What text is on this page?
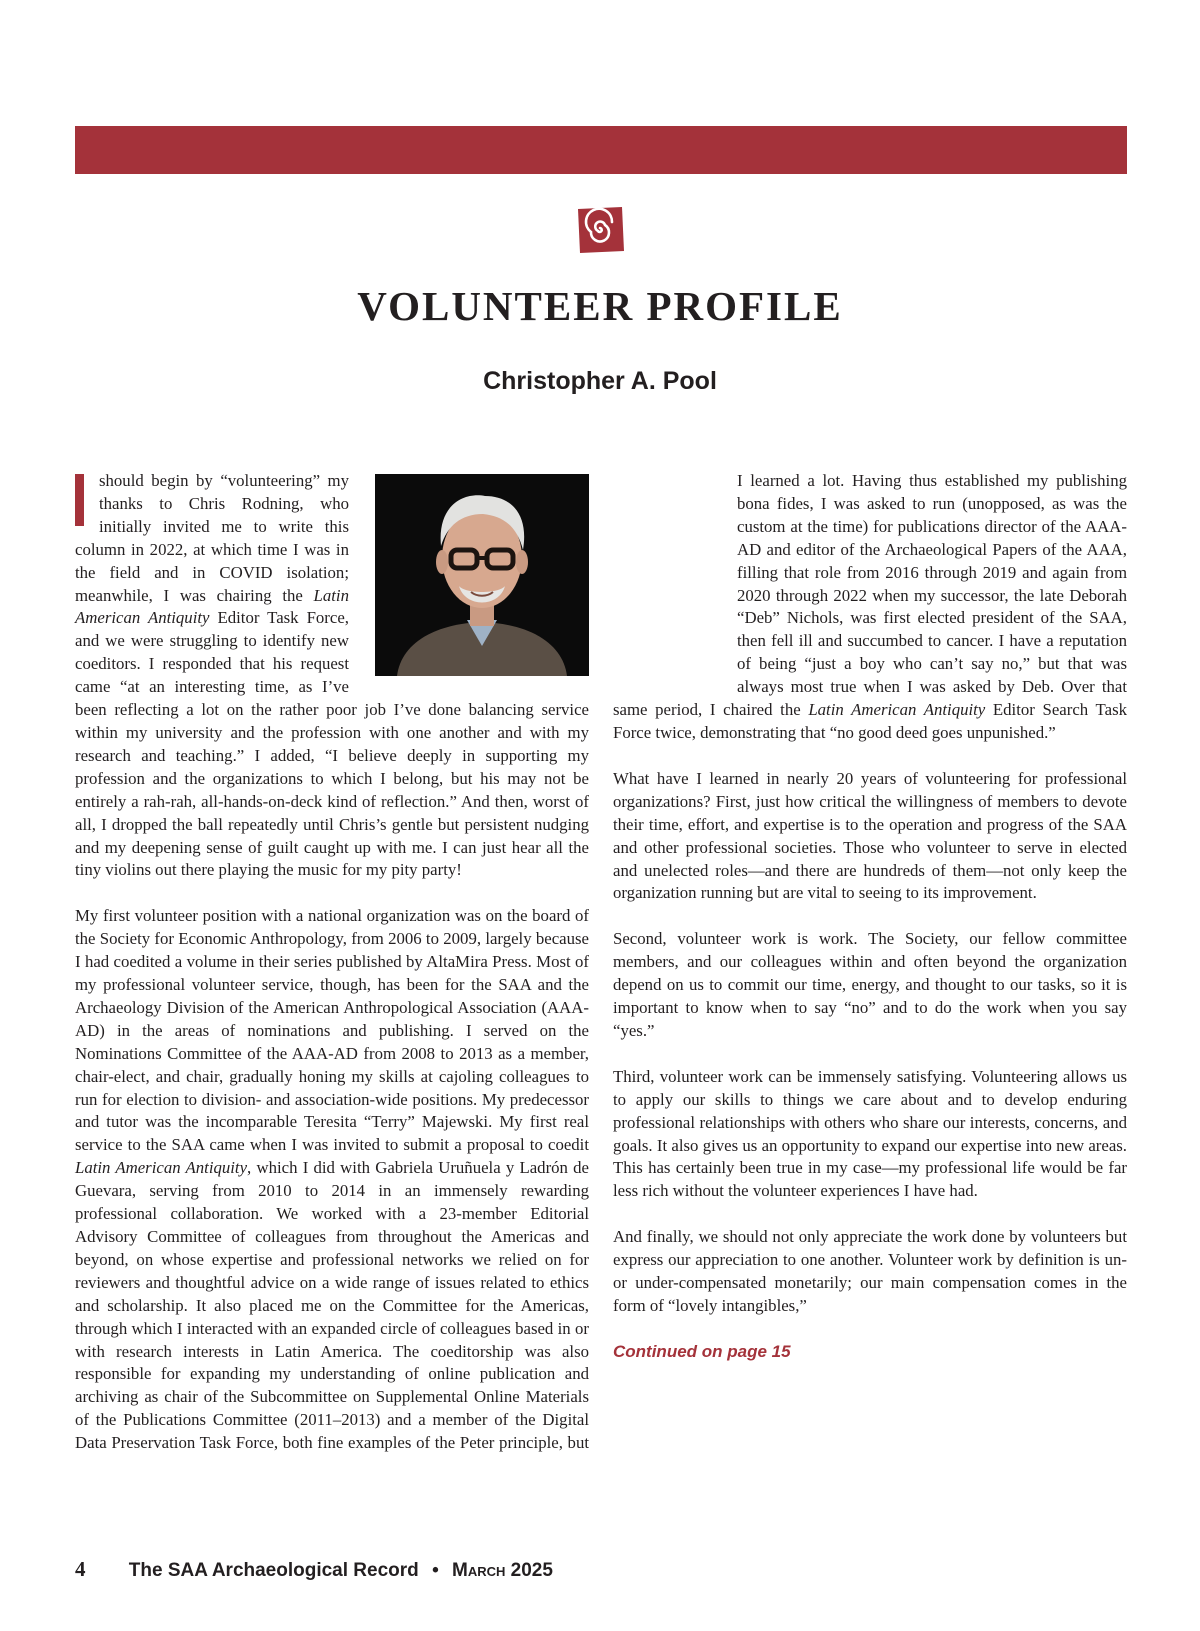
VOLUNTEER PROFILE
Christopher A. Pool

should begin by “volunteering” my thanks to Chris Rodning, who initially invited me to write this column in 2022, at which time I was in the field and in COVID isolation; meanwhile, I was chairing the Latin American Antiquity Editor Task Force, and we were struggling to identify new coeditors. I responded that his request came “at an interesting time, as I’ve been reflecting a lot on the rather poor job I’ve done balancing service within my university and the profession with one another and with my research and teaching.” I added, “I believe deeply in supporting my profession and the organizations to which I belong, but his may not be entirely a rah-rah, all-hands-on-deck kind of reflection.” And then, worst of all, I dropped the ball repeatedly until Chris’s gentle but persistent nudging and my deepening sense of guilt caught up with me. I can just hear all the tiny violins out there playing the music for my pity party!

My first volunteer position with a national organization was on the board of the Society for Economic Anthropology, from 2006 to 2009, largely because I had coedited a volume in their series published by AltaMira Press. Most of my professional volunteer service, though, has been for the SAA and the Archaeology Division of the American Anthropological Association (AAA-AD) in the areas of nominations and publishing. I served on the Nominations Committee of the AAA-AD from 2008 to 2013 as a member, chair-elect, and chair, gradually honing my skills at cajoling colleagues to run for election to division- and association-wide positions. My predecessor and tutor was the incomparable Teresita “Terry” Majewski. My first real service to the SAA came when I was invited to submit a proposal to coedit Latin American Antiquity, which I did with Gabriela Uruñuela y Ladrón de Guevara, serving from 2010 to 2014 in an immensely rewarding professional collaboration. We worked with a 23-member Editorial Advisory Committee of colleagues from throughout the Americas and beyond, on whose expertise and professional networks we relied on for reviewers and thoughtful advice on a wide range of issues related to ethics and scholarship. It also placed me on the Committee for the Americas, through which I interacted with an expanded circle of colleagues based in or with research interests in Latin America. The coeditorship was also responsible for expanding my understanding of online publication and archiving as chair of the Subcommittee on Supplemental Online Materials of the Publications Committee (2011–2013) and a member of the Digital Data Preservation Task Force, both fine examples of the Peter principle, but

I learned a lot. Having thus established my publishing bona fides, I was asked to run (unopposed, as was the custom at the time) for publications director of the AAA-AD and editor of the Archaeological Papers of the AAA, filling that role from 2016 through 2019 and again from 2020 through 2022 when my successor, the late Deborah “Deb” Nichols, was first elected president of the SAA, then fell ill and succumbed to cancer. I have a reputation of being “just a boy who can’t say no,” but that was always most true when I was asked by Deb. Over that same period, I chaired the Latin American Antiquity Editor Search Task Force twice, demonstrating that “no good deed goes unpunished.”

What have I learned in nearly 20 years of volunteering for professional organizations? First, just how critical the willingness of members to devote their time, effort, and expertise is to the operation and progress of the SAA and other professional societies. Those who volunteer to serve in elected and unelected roles—and there are hundreds of them—not only keep the organization running but are vital to seeing to its improvement.

Second, volunteer work is work. The Society, our fellow committee members, and our colleagues within and often beyond the organization depend on us to commit our time, energy, and thought to our tasks, so it is important to know when to say “no” and to do the work when you say “yes.”

Third, volunteer work can be immensely satisfying. Volunteering allows us to apply our skills to things we care about and to develop enduring professional relationships with others who share our interests, concerns, and goals. It also gives us an opportunity to expand our expertise into new areas. This has certainly been true in my case—my professional life would be far less rich without the volunteer experiences I have had.

And finally, we should not only appreciate the work done by volunteers but express our appreciation to one another. Volunteer work by definition is un- or under-compensated monetarily; our main compensation comes in the form of “lovely intangibles,”

Continued on page 15
4 The SAA Archaeological Record • March 2025
